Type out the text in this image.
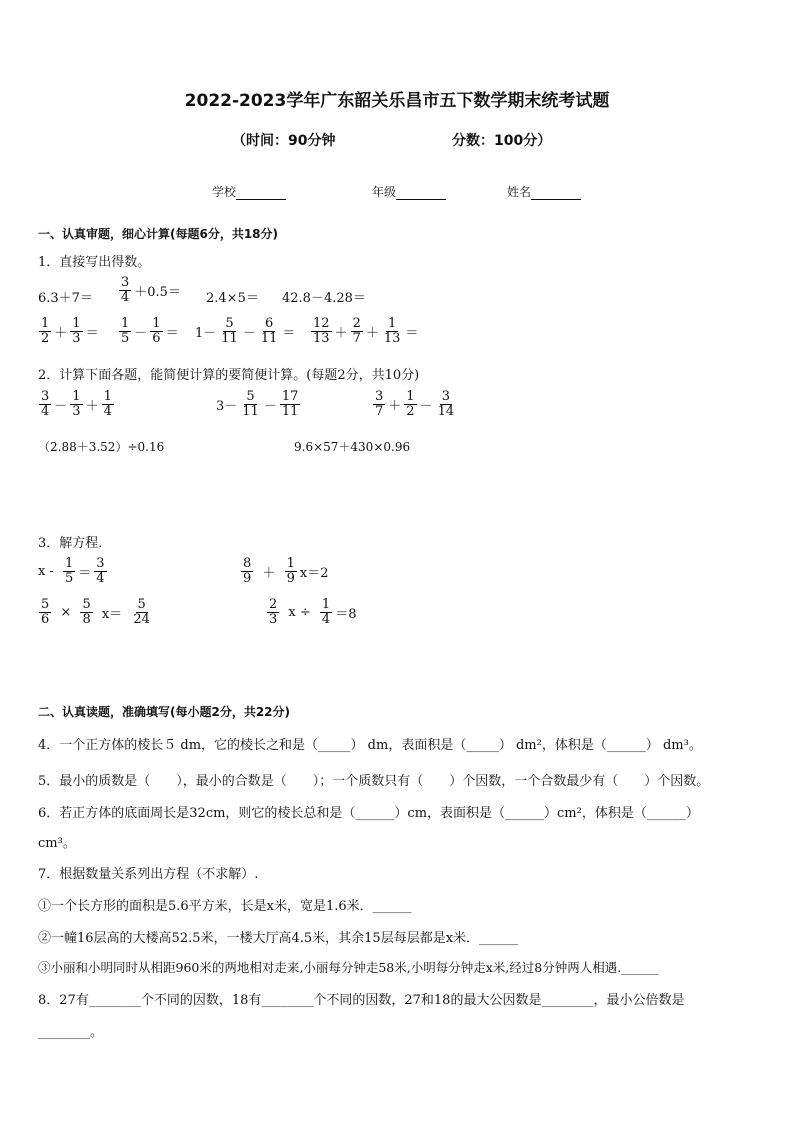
2022-2023学年广东韶关乐昌市五下数学期末统考试题
（时间：90分钟	分数：100分）
学校	年级	姓名
一、认真审题，细心计算(每题6分，共18分)
1．直接写出得数。
$6.3+7= \frac{3}{4} +0.5= 2.4\times 5= 42.8-4.28=$
$\frac{1}{2} + \frac{1}{3} = \frac{1}{5} - \frac{1}{6} = 1- \frac{5}{11} - \frac{6}{11} = \frac{12}{13} + \frac{2}{7} + \frac{1}{13}$ ＝
2．计算下面各题，能简便计算的要简便计算。(每题2分，共10分)
$\frac{3}{4} - \frac{1}{3} + \frac{1}{4}$	$3- \frac{5}{11} - \frac{17}{11}$	$\frac{3}{7} + \frac{1}{2} - \frac{3}{14}$
（2.88＋3.52）÷0.16	9.6×57＋430×0.96
3．解方程．
x -
$\frac{1}{5} = \frac{3}{4}$	$\frac{8}{9}$
＋
$\frac{1}{9} x=2$
$\frac{5}{6}$
×
$\frac{5}{8}$
x＝
$\frac{5}{24}$	$\frac{2}{3}$
x ÷
$\frac{1}{4} =8$
二、认真读题，准确填写(每小题2分，共22分)
4．一个正方体的棱长５ dm，它的棱长之和是（_____） dm，表面积是（_____） dm²，体积是（______） dm³。
5．最小的质数是（　　），最小的合数是（　　）；一个质数只有（　　）个因数，一个合数最少有（　　）个因数。
6．若正方体的底面周长是32cm，则它的棱长总和是（______）cm，表面积是（______）cm²，体积是（______）
cm³。
7．根据数量关系列出方程（不求解）.
①一个长方形的面积是5.6平方米，长是x米，宽是1.6米．______
②一幢16层高的大楼高52.5米，一楼大厅高4.5米，其余15层每层都是x米．______
③小丽和小明同时从相距960米的两地相对走来,小丽每分钟走58米,小明每分钟走x米,经过8分钟两人相遇.______
8．27有________个不同的因数，18有________个不同的因数，27和18的最大公因数是________，最小公倍数是
________。
